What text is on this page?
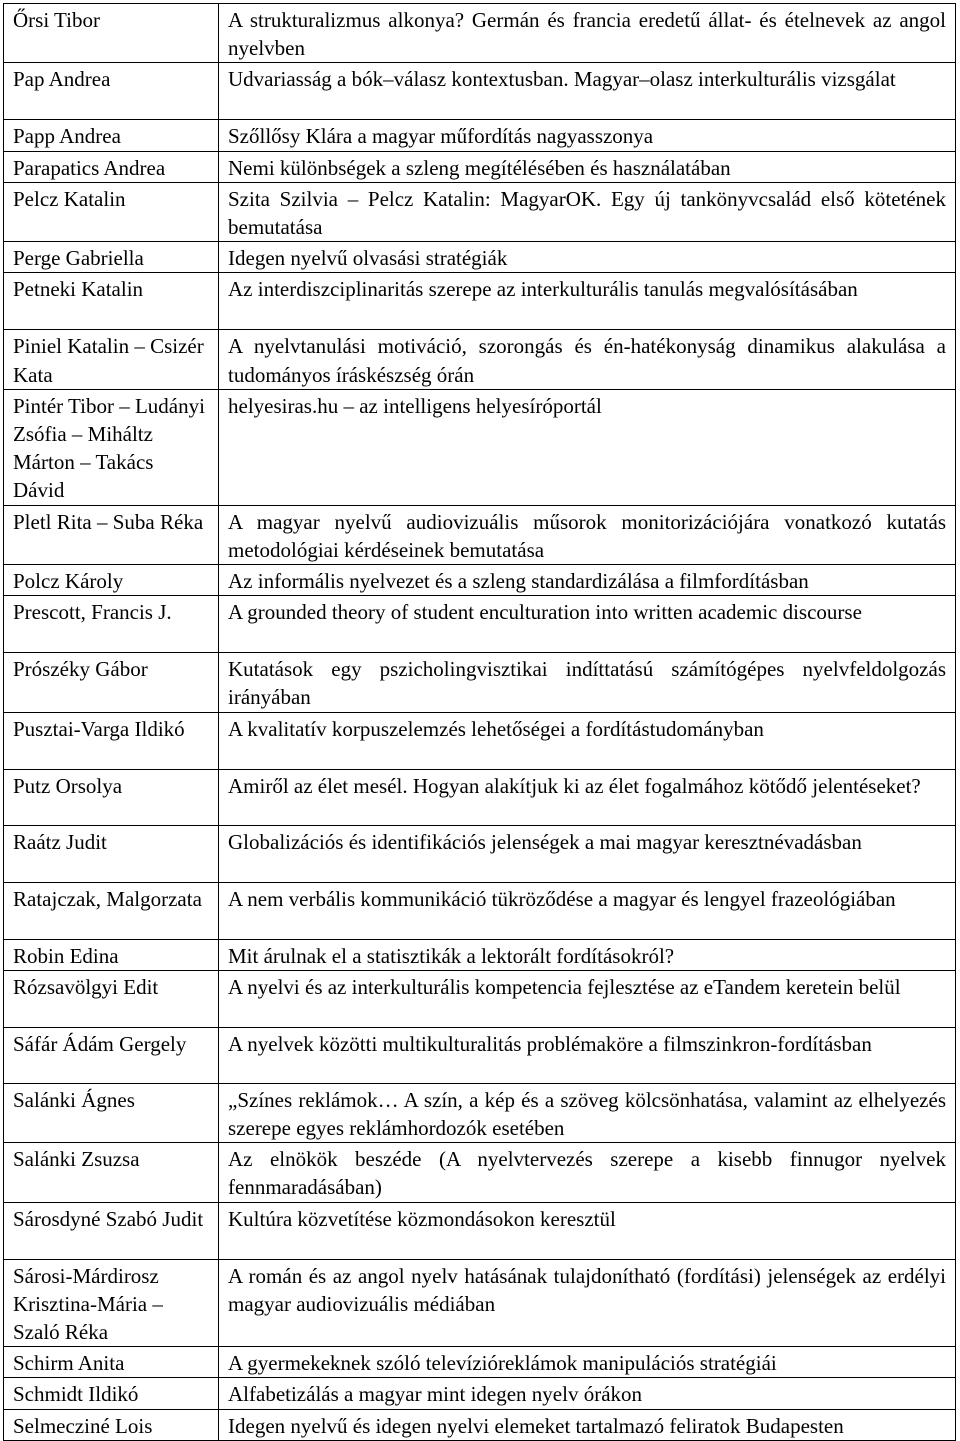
Őrsi Tibor	A strukturalizmus alkonya? Germán és francia eredetű állat- és ételnevek az angol nyelvben
Pap Andrea	Udvariasság a bók–válasz kontextusban. Magyar–olasz interkulturális vizsgálat
Papp Andrea	Szőllősy Klára a magyar műfordítás nagyasszonya
Parapatics Andrea	Nemi különbségek a szleng megítélésében és használatában
Pelcz Katalin	Szita Szilvia – Pelcz Katalin: MagyarOK. Egy új tankönyvcsalád első kötetének bemutatása
Perge Gabriella	Idegen nyelvű olvasási stratégiák
Petneki Katalin	Az interdiszciplinaritás szerepe az interkulturális tanulás megvalósításában
Piniel Katalin – Csizér Kata	A nyelvtanulási motiváció, szorongás és én-hatékonyság dinamikus alakulása a tudományos íráskészség órán
Pintér Tibor – Ludányi Zsófia – Miháltz Márton – Takács Dávid	helyesiras.hu – az intelligens helyesíróportál
Pletl Rita – Suba Réka	A magyar nyelvű audiovizuális műsorok monitorizációjára vonatkozó kutatás metodológiai kérdéseinek bemutatása
Polcz Károly	Az informális nyelvezet és a szleng standardizálása a filmfordításban
Prescott, Francis J.	A grounded theory of student enculturation into written academic discourse
Prószéky Gábor	Kutatások egy pszicholingvisztikai indíttatású számítógépes nyelvfeldolgozás irányában
Pusztai-Varga Ildikó	A kvalitatív korpuszelemzés lehetőségei a fordítástudományban
Putz Orsolya	Amiről az élet mesél. Hogyan alakítjuk ki az élet fogalmához kötődő jelentéseket?
Raátz Judit	Globalizációs és identifikációs jelenségek a mai magyar keresztnévadásban
Ratajczak, Malgorzata	A nem verbális kommunikáció tükröződése a magyar és lengyel frazeológiában
Robin Edina	Mit árulnak el a statisztikák a lektorált fordításokról?
Rózsavölgyi Edit	A nyelvi és az interkulturális kompetencia fejlesztése az eTandem keretein belül
Sáfár Ádám Gergely	A nyelvek közötti multikulturalitás problémaköre a filmszinkron-fordításban
Salánki Ágnes	„Színes reklámok… A szín, a kép és a szöveg kölcsönhatása, valamint az elhelyezés szerepe egyes reklámhordozók esetében
Salánki Zsuzsa	Az elnökök beszéde (A nyelvtervezés szerepe a kisebb finnugor nyelvek fennmaradásában)
Sárosdyné Szabó Judit	Kultúra közvetítése közmondásokon keresztül
Sárosi-Márdirosz Krisztina-Mária – Szaló Réka	A román és az angol nyelv hatásának tulajdonítható (fordítási) jelenségek az erdélyi magyar audiovizuális médiában
Schirm Anita	A gyermekeknek szóló televízióreklámok manipulációs stratégiái
Schmidt Ildikó	Alfabetizálás a magyar mint idegen nyelv órákon
Selmecziné Lois	Idegen nyelvű és idegen nyelvi elemeket tartalmazó feliratok Budapesten
